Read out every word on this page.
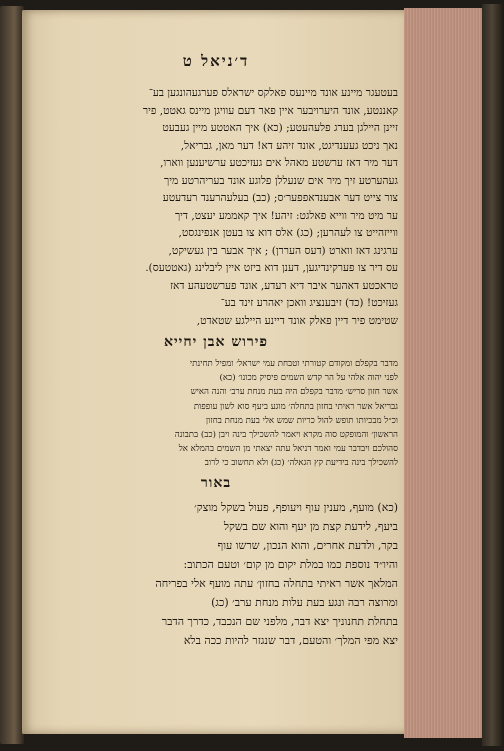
ד׳ניאל ט
בעטעגר מיינע אונד מיינעס פאלקס ישראלס פערגעהונגען בע־
קאננטע, אונד היערויבער איין פאר דעם עוויגן מיינס גאטט, פיר
זיינן היילגן בערג פלעהעטע; (כא) איך האטטע מיין געבעט
נאך ניכט געענדיגט, אונד זיהע דא! דער מאן, גבריאל,
דער מיר דאז ערשטע מאהל אים געזיכטע ערשיענען ווארו,
געהערטע זיך מיר אים שנעללן פלוגע אונד בעריהרטע מיך
צור צייט דער אבענדאפפער׳ס; (כב) בעלעהרענד רעדעטע
ער מיט מיר ווייא פאלגט: זיהע! איך קאממע יעצט, דיך
ווייזהייט צו לעהרען; (כג) אלס דוא צו בעטן אנפינגסט,
ערגינג דאז ווארט (דעס העררן) ; איך אבער בין געשיקט,
עס דיר צו פערקינדיגען, דענן דוא ביזט איין ליבלינג (גאטטעס).
טראכטע דאהער איבר דיא רעדע, אונד פערשטעהע דאז
געזיכט! (כד) זיבענציג וואכן יאהרע זינד בע־
שטימט פיר דיין פאלק אונד דיינע היילגע שטאדט,
פירוש אבן יחייא
מדבר בקפלם ומקודם קטורתי וטבחת עמי ישראל׳ ומפיל תחינתי
לפני יהוה אלהי על הר קדש השמים פיסיק מכונו׳ (כא)
אשר חזון סריש׳ מדבר בקפלם היה בעת מנחת ערב׳ והנה האיש
גבריאל אשר ראיתי בחזון בתחלה׳ מוגע ביעף סוא לשון עופפות
וכ״ל מבכיותו תופש להול כריות שמש אלי בעת מנחת בחזון
הראשון׳ והמופקט סוה מקרא ויאמר להשכילך בינה ויבן (כב) בתבונה
סהולכם ויבדבר עמי ואמר דניאל עתה יצאתי מן השמים בהמלא אל
להשכילך בינה בידיעת קץ הגאלה׳ (כג) ולא תחשוב כי לרוב
באור
(כא) מועף, מענין עוף ויעופף, פעול בשקל מוצק׳
ביעף, לידעת קצת מן יעף והוא שם בשקל
בקר, ולדעת אחרים, והוא הנכון, שרשו עוף
והיו״ד נוספת כמו במלת יקום מן קום׳ וטעם הכתוב:
המלאך אשר ראיתי בתחלה בחזון׳ עתה מועף אלי בפריחה
ומרוצה רבה ונגע בעת עלות מנחת ערב׳ (כג)
בתחלת תחנוניך יצא דבר, מלפני שם הנכבד, כדרך הדבר
יצא מפי המלך׳ והטעם, דבר שנגזר להיות ככה בלא
